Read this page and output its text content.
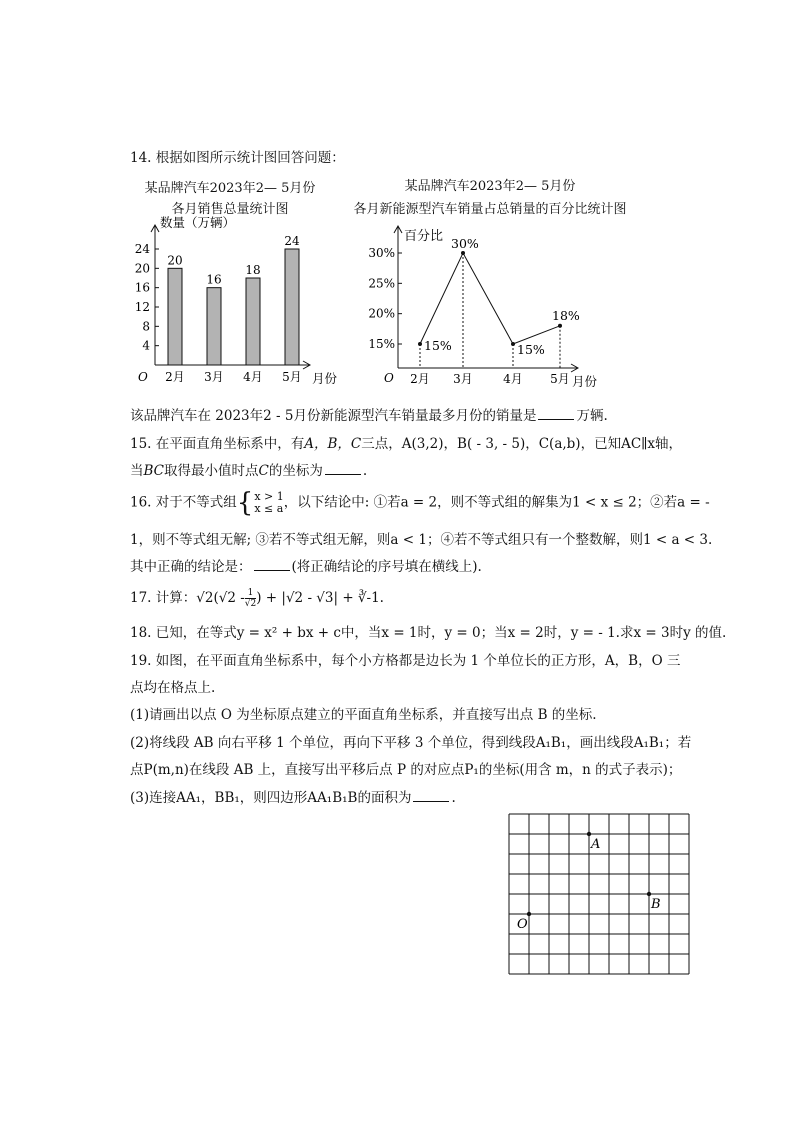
14. 根据如图所示统计图回答问题：
某品牌汽车2023年2— 5月份
各月销售总量统计图
某品牌汽车2023年2— 5月份
各月新能源型汽车销量占总销量的百分比统计图
4
8
12
16
20
24
数量（万辆）
O
20
2月
16
3月
18
4月
24
5月 月份
15%
20%
25%
30%
百分比
O
15%
2月
30%
3月
15%
4月
18%
5月 月份
该品牌汽车在 2023年2 - 5月份新能源型汽车销量最多月份的销量是	万辆.
15. 在平面直角坐标系中，有A，B，C三点，A(3,2)，B( - 3, - 5)，C(a,b)，已知AC∥x轴，
当BC取得最小值时点C的坐标为	.
16. 对于不等式组 { x > 1
x ≤ a ，以下结论中: ①若a = 2，则不等式组的解集为1 < x ≤ 2；②若a = -
1，则不等式组无解; ③若不等式组无解，则a < 1；④若不等式组只有一个整数解，则1 < a < 3.
其中正确的结论是：	(将正确结论的序号填在横线上).
17. 计算：$√2(√2 - \frac{1}{√2}$ ) + |√2 - √3| + ∛-1.
18. 已知，在等式y = x² + bx + c中，当x = 1时，y = 0；当x = 2时，y = - 1.求x = 3时y 的值.
19. 如图，在平面直角坐标系中，每个小方格都是边长为 1 个单位长的正方形，A，B，O 三
点均在格点上.
(1)请画出以点 O 为坐标原点建立的平面直角坐标系，并直接写出点 B 的坐标.
(2)将线段 AB 向右平移 1 个单位，再向下平移 3 个单位，得到线段A₁B₁，画出线段A₁B₁；若
点P(m,n)在线段 AB 上，直接写出平移后点 P 的对应点P₁的坐标(用含 m，n 的式子表示)；
(3)连接AA₁，BB₁，则四边形AA₁B₁B的面积为	.
A
B
O
